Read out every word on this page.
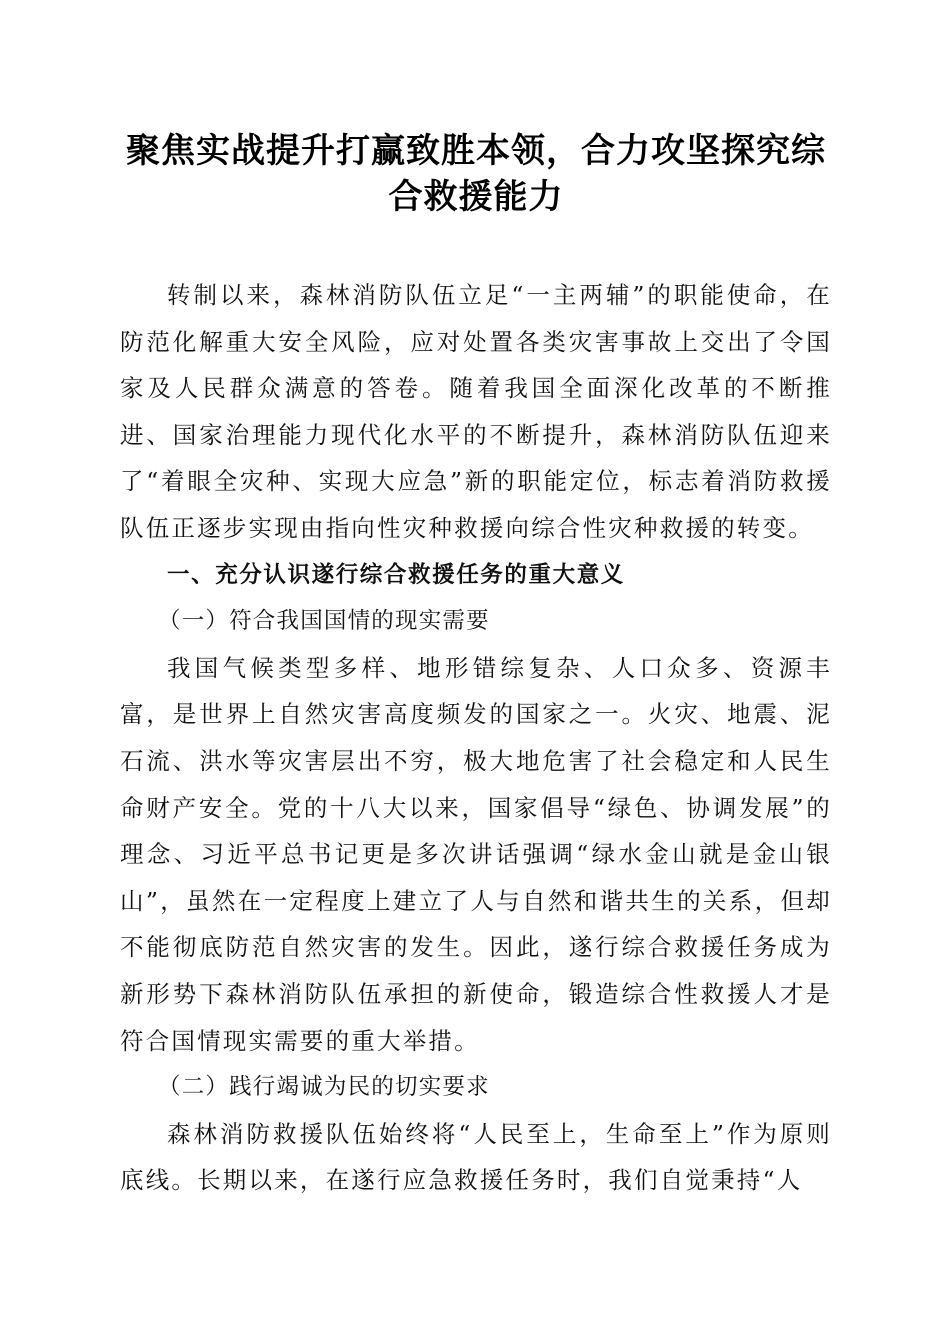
聚焦实战提升打赢致胜本领，合力攻坚探究综
合救援能力

转制以来，森林消防队伍立足“一主两辅”的职能使命，在防范化解重大安全风险，应对处置各类灾害事故上交出了令国家及人民群众满意的答卷。随着我国全面深化改革的不断推进、国家治理能力现代化水平的不断提升，森林消防队伍迎来了“着眼全灾种、实现大应急”新的职能定位，标志着消防救援队伍正逐步实现由指向性灾种救援向综合性灾种救援的转变。

一、充分认识遂行综合救援任务的重大意义

（一）符合我国国情的现实需要

我国气候类型多样、地形错综复杂、人口众多、资源丰富，是世界上自然灾害高度频发的国家之一。火灾、地震、泥石流、洪水等灾害层出不穷，极大地危害了社会稳定和人民生命财产安全。党的十八大以来，国家倡导“绿色、协调发展”的理念、习近平总书记更是多次讲话强调“绿水金山就是金山银山”，虽然在一定程度上建立了人与自然和谐共生的关系，但却不能彻底防范自然灾害的发生。因此，遂行综合救援任务成为新形势下森林消防队伍承担的新使命，锻造综合性救援人才是符合国情现实需要的重大举措。

（二）践行竭诚为民的切实要求

森林消防救援队伍始终将“人民至上，生命至上”作为原则底线。长期以来，在遂行应急救援任务时，我们自觉秉持“人
